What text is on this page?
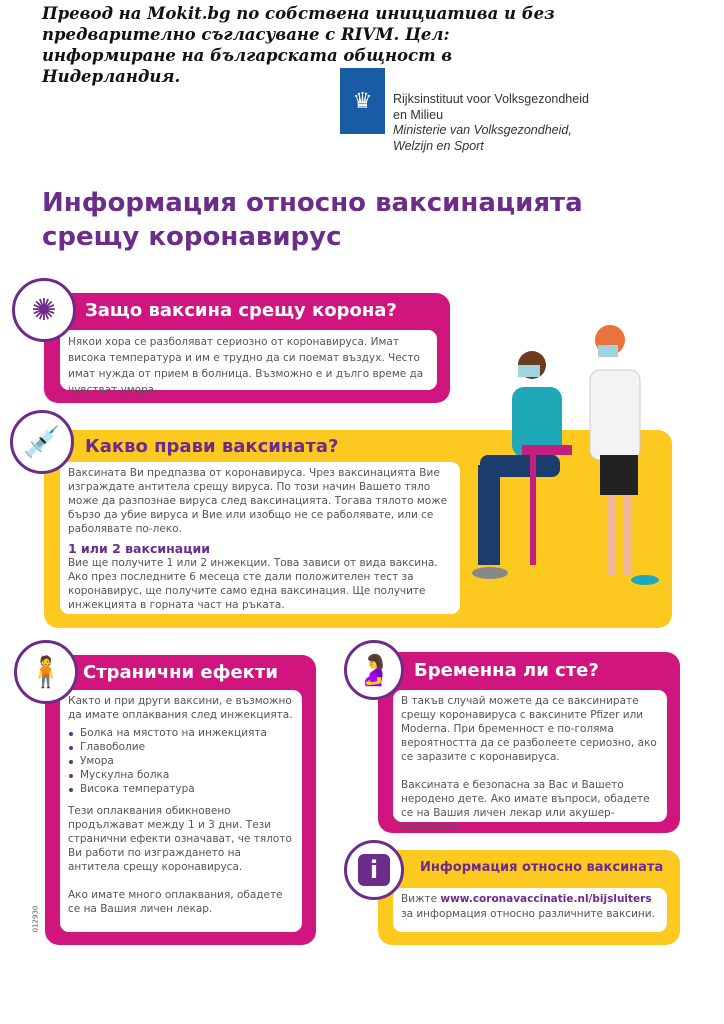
Превод на Mokit.bg по собствена инициатива и без предварително съгласуване с RIVM. Цел: информиране на българската общност в Нидерландия.
♛	Rijksinstituut voor Volksgezondheid
en Milieu
Ministerie van Volksgezondheid,
Welzijn en Sport
Информация относно ваксинацията срещу коронавирус
Защо ваксина срещу корона?
Някои хора се разболяват сериозно от коронавируса. Имат висока температура и им е трудно да си поемат въздух. Често имат нужда от прием в болница. Възможно е и дълго време да чувстват умора.
✺
Какво прави ваксината?
Ваксината Ви предпазва от коронавируса. Чрез ваксинацията Вие изграждате антитела срещу вируса. По този начин Вашето тяло може да разпознае вируса след ваксинацията. Тогава тялото може бързо да убие вируса и Вие или изобщо не се раболявате, или се раболявате по-леко.
1 или 2 ваксинации
Вие ще получите 1 или 2 инжекции. Това зависи от вида ваксина. Ако през последните 6 месеца сте дали положителен тест за коронавирус, ще получите само една ваксинация. Ще получите инжекцията в горната част на ръката.
💉
Странични ефекти
Както и при други ваксини, е възможно да имате оплаквания след инжекцията.
Болка на мястото на инжекцията
Главоболие
Умора
Мускулна болка
Висока температура

Тези оплаквания обикновено продължават между 1 и 3 дни. Тези странични ефекти означават, че тялото Ви работи по изграждането на антитела срещу коронавируса.

Ако имате много оплаквания, обадете се на Вашия личен лекар.

🧍	Бременна ли сте?

В такъв случай можете да се ваксинирате срещу коронавируса с ваксините Pfizer или Moderna. При бременност е по-голяма вероятността да се разболеете сериозно, ако се заразите с коронавируса.

Ваксината е безопасна за Вас и Вашето неродено дете. Ако имате въпроси, обадете се на Вашия личен лекар или акушер-гинеколог.

🤰
Информация относно ваксината
Вижте www.coronavaccinatie.nl/bijsluiters
за информация относно различните ваксини.
i
012930
